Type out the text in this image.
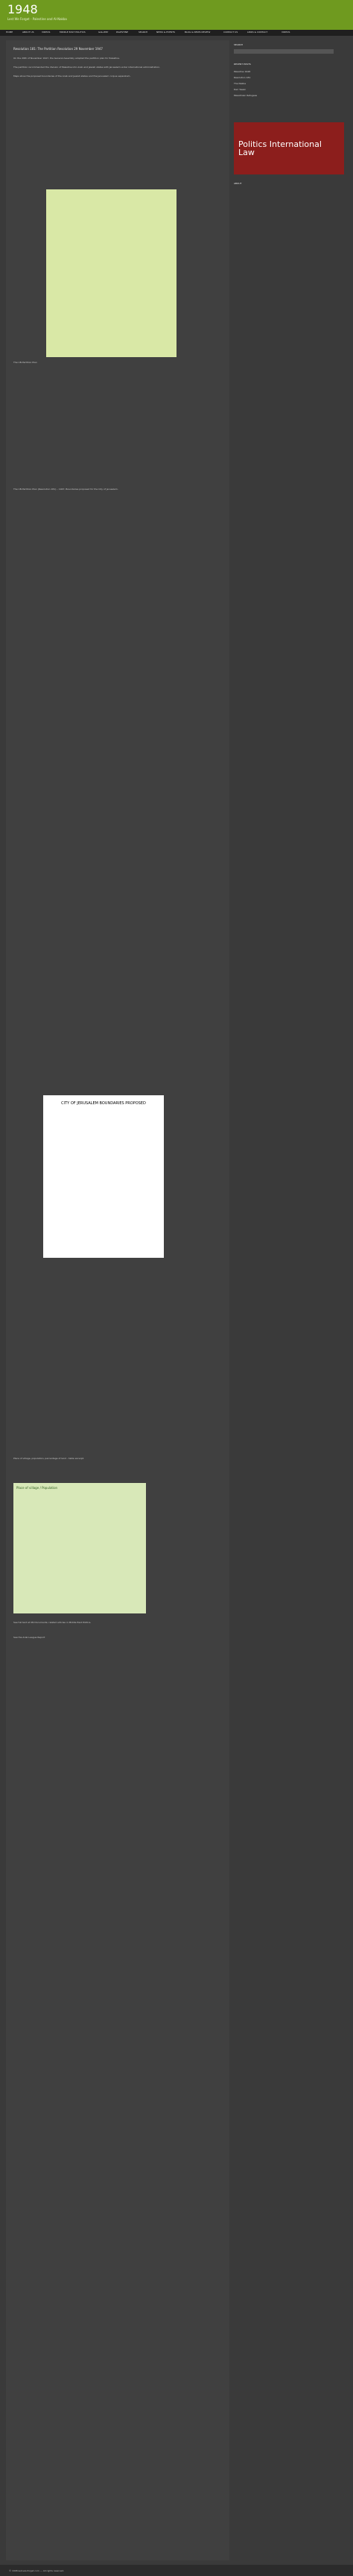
1948
Lest We Forget - Palestine and Al-Nakba
HOME	ABOUT US	VIDEOS	MIDDLE EAST POLITICS	GALLERY	PALESTINE	SEARCH	NEWS & EVENTS	BLOG & NEWS REVIEW	CONTACT US	LINKS & CONTACT	VIDEOS
Resolution 181: The Partition Resolution 29 November 1947
On the 29th of November 1947, the General Assembly adopted the partition plan for Palestine.
The partition recommended the division of Palestine into Arab and Jewish states with Jerusalem under international administration.
Maps show the proposed boundaries of the Arab and Jewish states and the Jerusalem corpus separatum.
The UN Partition Plan
The UN Partition Plan (Resolution 181) – 1947; Boundaries proposed for the City of Jerusalem.
CITY OF JERUSALEM BOUNDARIES PROPOSED
Place of village, population, percentage of land – table excerpt.
Place of village / Population
See full text at UN Documents; related articles in Middle East Politics.
See the Arab League Report
SEARCH
RECENT POSTS
Palestine 1948
Resolution 181
The Nakba
Deir Yassin
Palestinian Refugees
Politics International Law
ABOUT
© 1948.lest-we-forget.com — All rights reserved.
